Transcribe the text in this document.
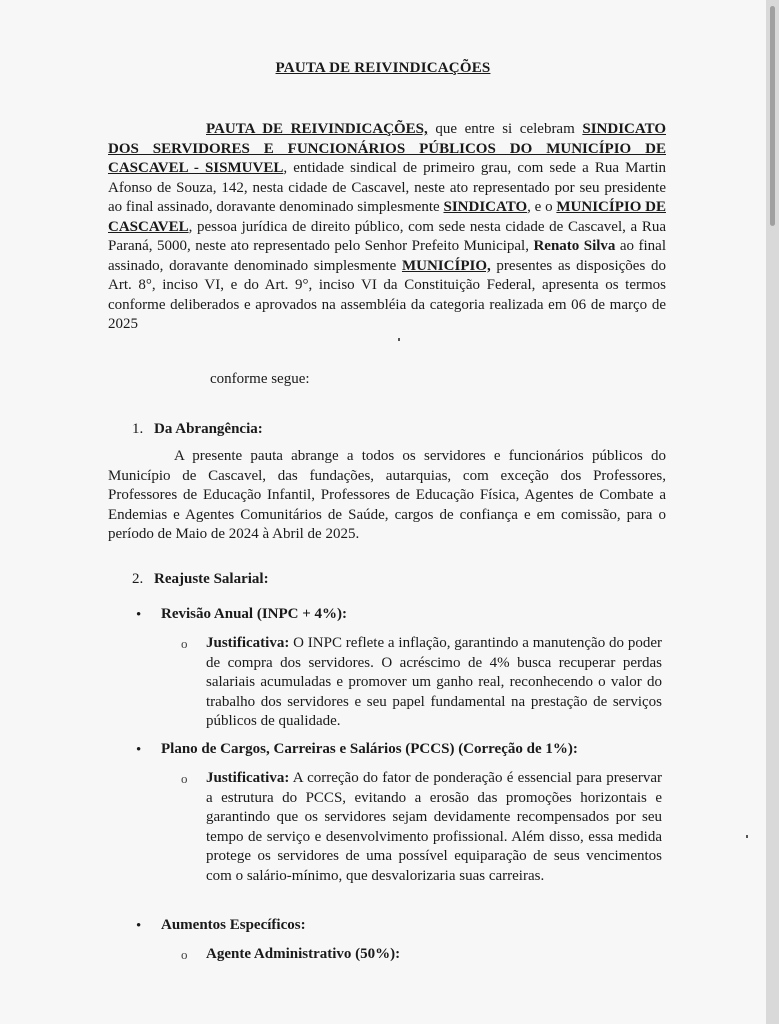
PAUTA DE REIVINDICAÇÕES
PAUTA DE REIVINDICAÇÕES, que entre si celebram SINDICATO DOS SERVIDORES E FUNCIONÁRIOS PÚBLICOS DO MUNICÍPIO DE CASCAVEL - SISMUVEL, entidade sindical de primeiro grau, com sede a Rua Martin Afonso de Souza, 142, nesta cidade de Cascavel, neste ato representado por seu presidente ao final assinado, doravante denominado simplesmente SINDICATO, e o MUNICÍPIO DE CASCAVEL, pessoa jurídica de direito público, com sede nesta cidade de Cascavel, a Rua Paraná, 5000, neste ato representado pelo Senhor Prefeito Municipal, Renato Silva ao final assinado, doravante denominado simplesmente MUNICÍPIO, presentes as disposições do Art. 8°, inciso VI, e do Art. 9°, inciso VI da Constituição Federal, apresenta os termos conforme deliberados e aprovados na assembléia da categoria realizada em 06 de março de 2025
conforme segue:
1. Da Abrangência:
A presente pauta abrange a todos os servidores e funcionários públicos do Município de Cascavel, das fundações, autarquias, com exceção dos Professores, Professores de Educação Infantil, Professores de Educação Física, Agentes de Combate a Endemias e Agentes Comunitários de Saúde, cargos de confiança e em comissão, para o período de Maio de 2024 à Abril de 2025.
2. Reajuste Salarial:
• Revisão Anual (INPC + 4%):
o Justificativa: O INPC reflete a inflação, garantindo a manutenção do poder de compra dos servidores. O acréscimo de 4% busca recuperar perdas salariais acumuladas e promover um ganho real, reconhecendo o valor do trabalho dos servidores e seu papel fundamental na prestação de serviços públicos de qualidade.
• Plano de Cargos, Carreiras e Salários (PCCS) (Correção de 1%):
o Justificativa: A correção do fator de ponderação é essencial para preservar a estrutura do PCCS, evitando a erosão das promoções horizontais e garantindo que os servidores sejam devidamente recompensados por seu tempo de serviço e desenvolvimento profissional. Além disso, essa medida protege os servidores de uma possível equiparação de seus vencimentos com o salário-mínimo, que desvalorizaria suas carreiras.
• Aumentos Específicos:
o Agente Administrativo (50%):
